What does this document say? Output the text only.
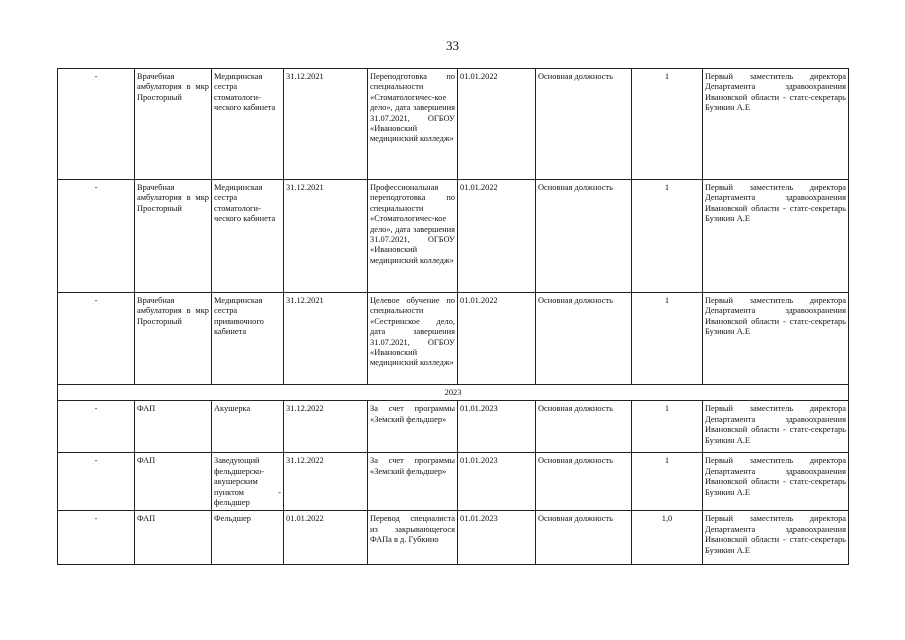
33
-	Врачебная амбулатория в мкр Просторный	Медицинская сестра стоматологи-ческого кабинета	31.12.2021	Переподготовка по специальности «Стоматологичес-кое дело», дата завершения 31.07.2021, ОГБОУ «Ивановский медицинский колледж»	01.01.2022	Основная должность	1	Первый заместитель директора Департамента здравоохранения Ивановской области - статс-секретарь Бузикин А.Е
-	Врачебная амбулатория в мкр Просторный	Медицинская сестра стоматологи-ческого кабинета	31.12.2021	Профессиональная переподготовка по специальности «Стоматологичес-кое дело», дата завершения 31.07.2021, ОГБОУ «Ивановский медицинский колледж»	01.01.2022	Основная должность	1	Первый заместитель директора Департамента здравоохранения Ивановской области - статс-секретарь Бузикин А.Е
-	Врачебная амбулатория в мкр Просторный	Медицинская сестра прививочного кабинета	31.12.2021	Целевое обучение по специальности «Сестринское дело, дата завершения 31.07.2021, ОГБОУ «Ивановский медицинский колледж»	01.01.2022	Основная должность	1	Первый заместитель директора Департамента здравоохранения Ивановской области - статс-секретарь Бузикин А.Е
2023								
-	ФАП	Акушерка	31.12.2022	За счет программы «Земский фельдшер»	01.01.2023	Основная должность	1	Первый заместитель директора Департамента здравоохранения Ивановской области - статс-секретарь Бузикин А.Е
-	ФАП	Заведующий фельдшерско-акушерским пунктом - фельдшер	31.12.2022	За счет программы «Земский фельдшер»	01.01.2023	Основная должность	1	Первый заместитель директора Департамента здравоохранения Ивановской области - статс-секретарь Бузикин А.Е
-	ФАП	Фельдшер	01.01.2022	Перевод специалиста из закрывающегося ФАПа в д. Губкино	01.01.2023	Основная должность	1,0	Первый заместитель директора Департамента здравоохранения Ивановской области - статс-секретарь Бузикин А.Е
